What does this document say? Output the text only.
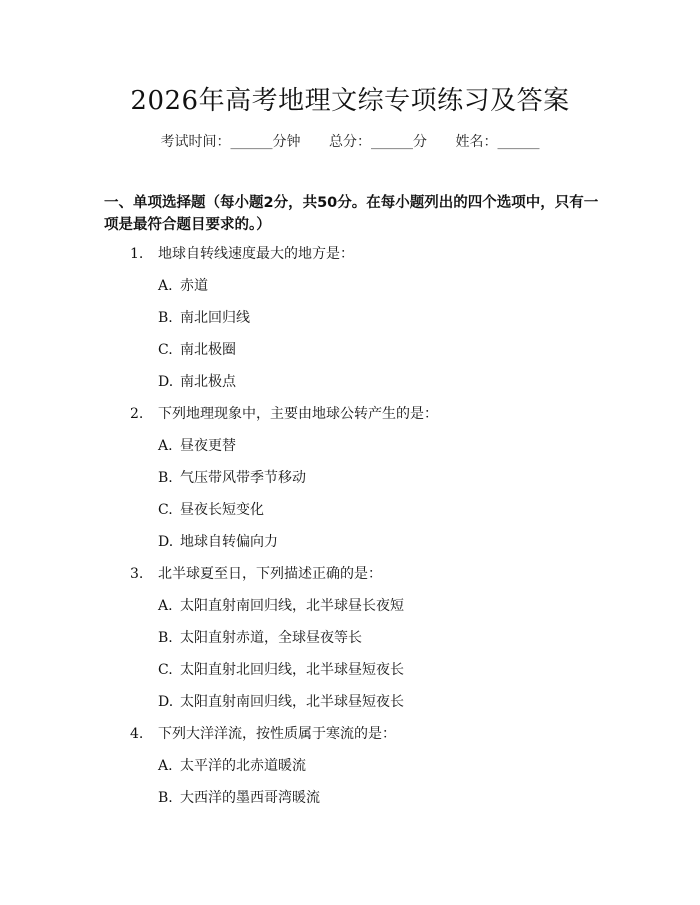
2026年高考地理文综专项练习及答案
考试时间：______分钟 总分：______分 姓名：______
一、单项选择题（每小题2分，共50分。在每小题列出的四个选项中，只有一项是最符合题目要求的。）
1. 地球自转线速度最大的地方是：
A. 赤道
B. 南北回归线
C. 南北极圈
D. 南北极点
2. 下列地理现象中，主要由地球公转产生的是：
A. 昼夜更替
B. 气压带风带季节移动
C. 昼夜长短变化
D. 地球自转偏向力
3. 北半球夏至日，下列描述正确的是：
A. 太阳直射南回归线，北半球昼长夜短
B. 太阳直射赤道，全球昼夜等长
C. 太阳直射北回归线，北半球昼短夜长
D. 太阳直射南回归线，北半球昼短夜长
4. 下列大洋洋流，按性质属于寒流的是：
A. 太平洋的北赤道暖流
B. 大西洋的墨西哥湾暖流
